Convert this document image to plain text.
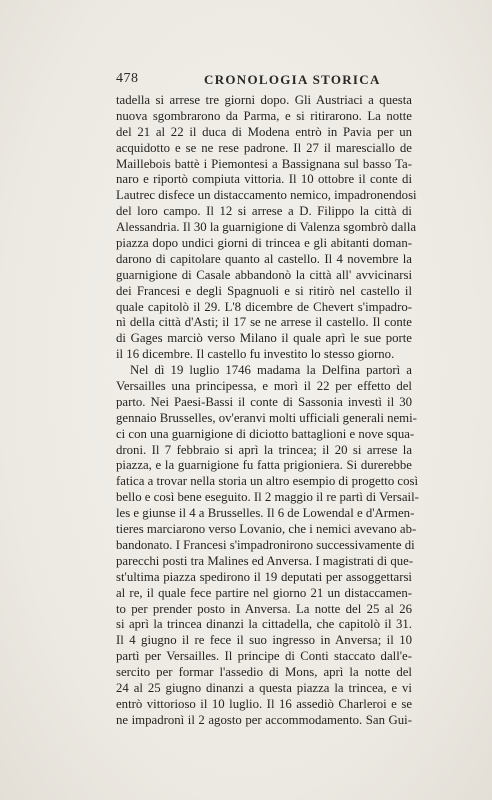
478	CRONOLOGIA STORICA
tadella si arrese tre giorni dopo. Gli Austriaci a questa
nuova sgombrarono da Parma, e si ritirarono. La notte
del 21 al 22 il duca di Modena entrò in Pavia per un
acquidotto e se ne rese padrone. Il 27 il maresciallo de
Maillebois battè i Piemontesi a Bassignana sul basso Ta-
naro e riportò compiuta vittoria. Il 10 ottobre il conte di
Lautrec disfece un distaccamento nemico, impadronendosi
del loro campo. Il 12 si arrese a D. Filippo la città di
Alessandria. Il 30 la guarnigione di Valenza sgombrò dalla
piazza dopo undici giorni di trincea e gli abitanti doman-
darono di capitolare quanto al castello. Il 4 novembre la
guarnigione di Casale abbandonò la città all' avvicinarsi
dei Francesi e degli Spagnuoli e si ritirò nel castello il
quale capitolò il 29. L'8 dicembre de Chevert s'impadro-
nì della città d'Asti; il 17 se ne arrese il castello. Il conte
di Gages marciò verso Milano il quale aprì le sue porte
il 16 dicembre. Il castello fu investito lo stesso giorno.
Nel dì 19 luglio 1746 madama la Delfina partorì a
Versailles una principessa, e morì il 22 per effetto del
parto. Nei Paesi-Bassi il conte di Sassonia investì il 30
gennaio Brusselles, ov'eranvi molti ufficiali generali nemi-
ci con una guarnigione di diciotto battaglioni e nove squa-
droni. Il 7 febbraio si aprì la trincea; il 20 si arrese la
piazza, e la guarnigione fu fatta prigioniera. Si durerebbe
fatica a trovar nella storia un altro esempio di progetto così
bello e così bene eseguito. Il 2 maggio il re partì di Versail-
les e giunse il 4 a Brusselles. Il 6 de Lowendal e d'Armen-
tieres marciarono verso Lovanio, che i nemici avevano ab-
bandonato. I Francesi s'impadronirono successivamente di
parecchi posti tra Malines ed Anversa. I magistrati di que-
st'ultima piazza spedirono il 19 deputati per assoggettarsi
al re, il quale fece partire nel giorno 21 un distaccamen-
to per prender posto in Anversa. La notte del 25 al 26
si aprì la trincea dinanzi la cittadella, che capitolò il 31.
Il 4 giugno il re fece il suo ingresso in Anversa; il 10
partì per Versailles. Il principe di Conti staccato dall'e-
sercito per formar l'assedio di Mons, aprì la notte del
24 al 25 giugno dinanzi a questa piazza la trincea, e vi
entrò vittorioso il 10 luglio. Il 16 assediò Charleroi e se
ne impadronì il 2 agosto per accommodamento. San Gui-
